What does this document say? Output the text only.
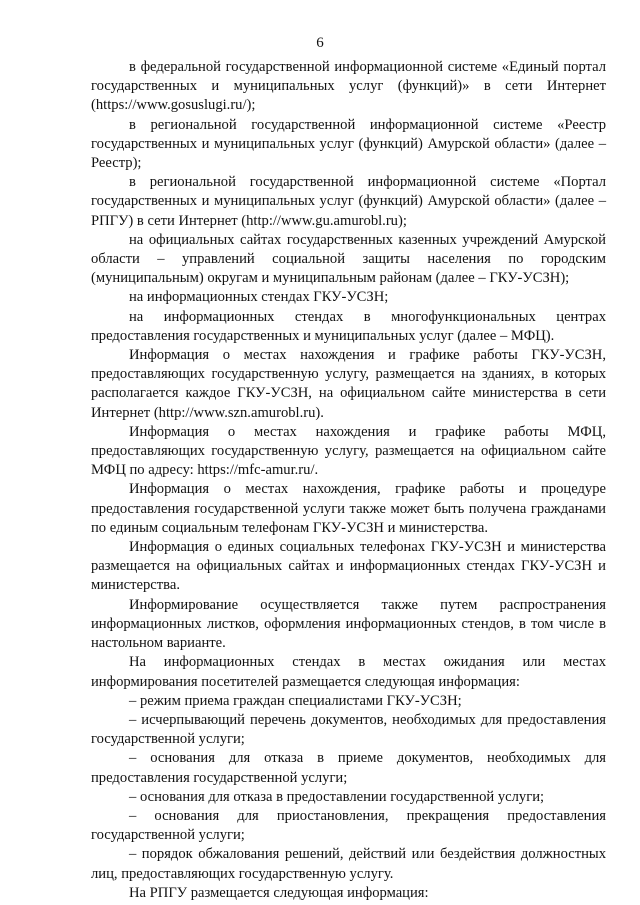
6

в федеральной государственной информационной системе «Единый портал государственных и муниципальных услуг (функций)» в сети Интернет (https://www.gosuslugi.ru/);

в региональной государственной информационной системе «Реестр государственных и муниципальных услуг (функций) Амурской области» (далее – Реестр);

в региональной государственной информационной системе «Портал государственных и муниципальных услуг (функций) Амурской области» (далее – РПГУ) в сети Интернет (http://www.gu.amurobl.ru);

на официальных сайтах государственных казенных учреждений Амурской области – управлений социальной защиты населения по городским (муниципальным) округам и муниципальным районам (далее – ГКУ-УСЗН);

на информационных стендах ГКУ-УСЗН;

на информационных стендах в многофункциональных центрах предоставления государственных и муниципальных услуг (далее – МФЦ).

Информация о местах нахождения и графике работы ГКУ-УСЗН, предоставляющих государственную услугу, размещается на зданиях, в которых располагается каждое ГКУ-УСЗН, на официальном сайте министерства в сети Интернет (http://www.szn.amurobl.ru).

Информация о местах нахождения и графике работы МФЦ, предоставляющих государственную услугу, размещается на официальном сайте МФЦ по адресу: https://mfc-amur.ru/.

Информация о местах нахождения, графике работы и процедуре предоставления государственной услуги также может быть получена гражданами по единым социальным телефонам ГКУ-УСЗН и министерства.

Информация о единых социальных телефонах ГКУ-УСЗН и министерства размещается на официальных сайтах и информационных стендах ГКУ-УСЗН и министерства.

Информирование осуществляется также путем распространения информационных листков, оформления информационных стендов, в том числе в настольном варианте.

На информационных стендах в местах ожидания или местах информирования посетителей размещается следующая информация:

– режим приема граждан специалистами ГКУ-УСЗН;

– исчерпывающий перечень документов, необходимых для предоставления государственной услуги;

– основания для отказа в приеме документов, необходимых для предоставления государственной услуги;

– основания для отказа в предоставлении государственной услуги;

– основания для приостановления, прекращения предоставления государственной услуги;

– порядок обжалования решений, действий или бездействия должностных лиц, предоставляющих государственную услугу.

На РПГУ размещается следующая информация:
